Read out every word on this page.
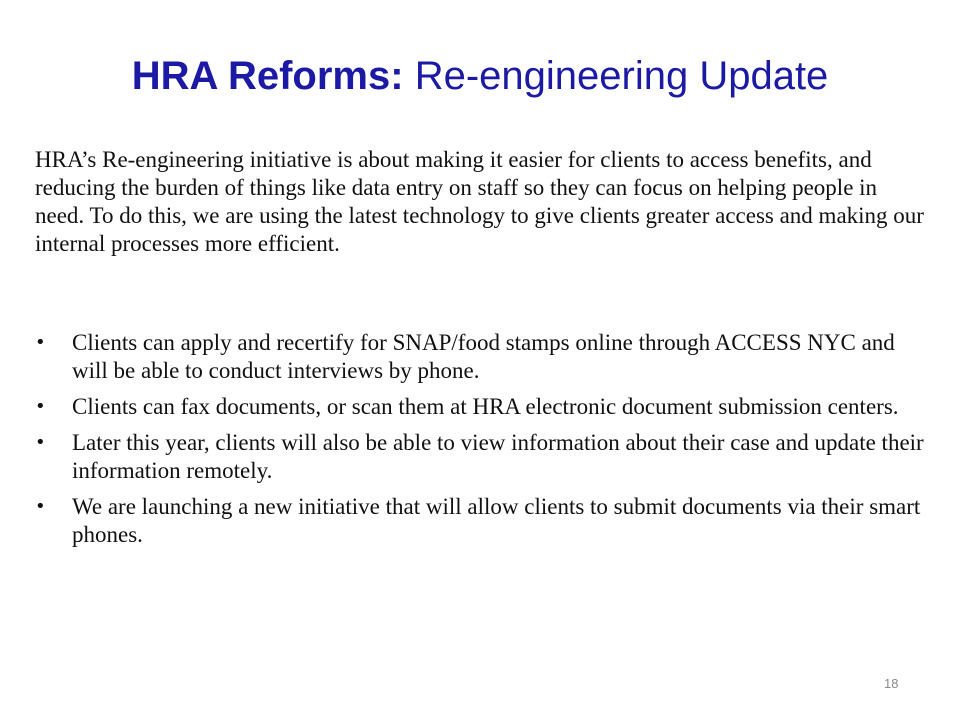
HRA Reforms: Re-engineering Update

HRA’s Re-engineering initiative is about making it easier for clients to access benefits, and reducing the burden of things like data entry on staff so they can focus on helping people in need. To do this, we are using the latest technology to give clients greater access and making our internal processes more efficient.

• Clients can apply and recertify for SNAP/food stamps online through ACCESS NYC and will be able to conduct interviews by phone.
• Clients can fax documents, or scan them at HRA electronic document submission centers.
• Later this year, clients will also be able to view information about their case and update their information remotely.
• We are launching a new initiative that will allow clients to submit documents via their smart phones.
18
